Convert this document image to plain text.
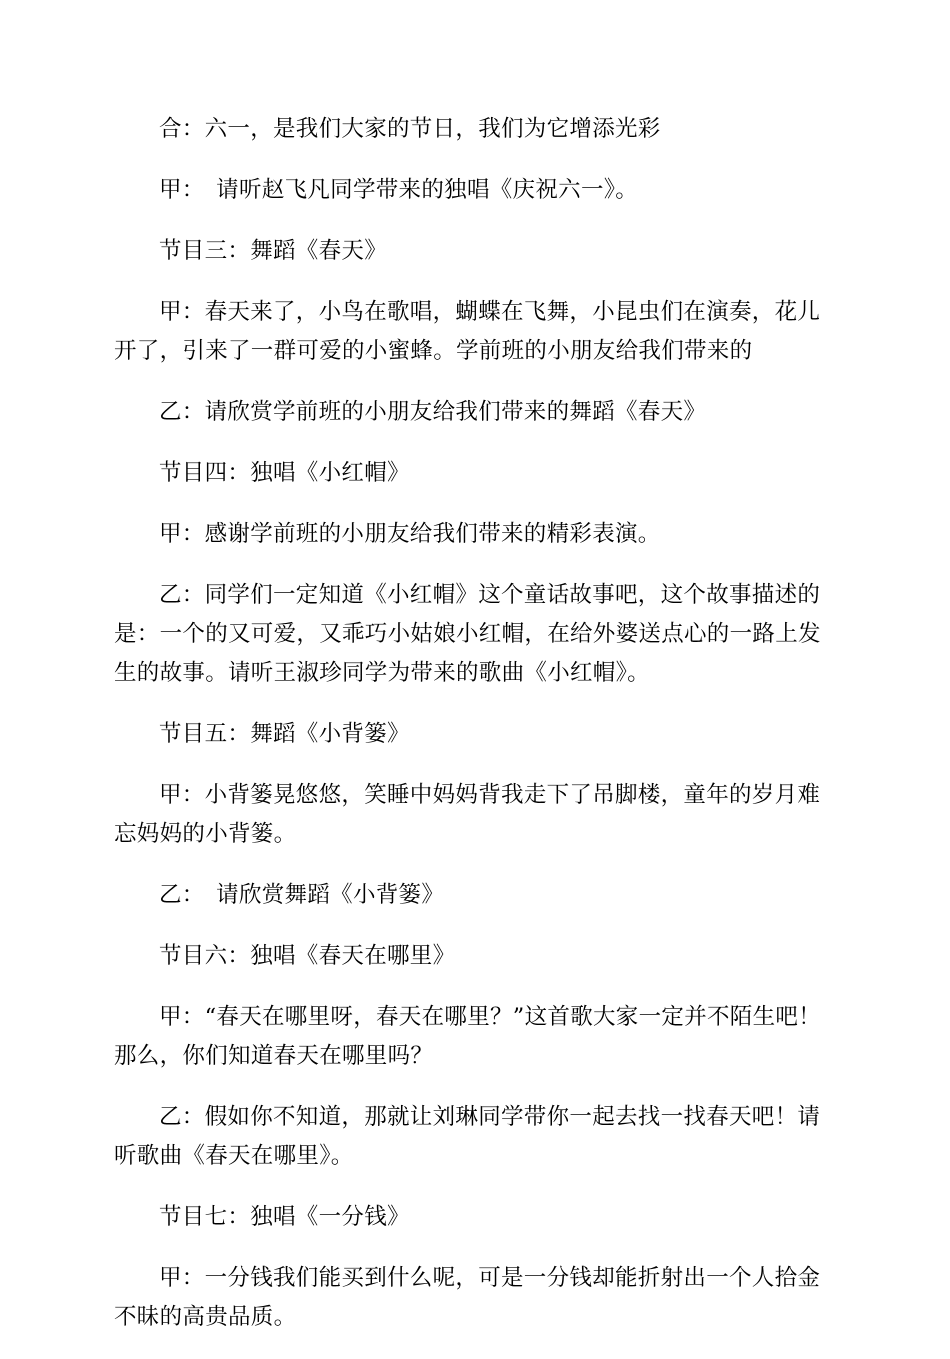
合：六一，是我们大家的节日，我们为它增添光彩

甲：　请听赵飞凡同学带来的独唱《庆祝六一》。

节目三：舞蹈《春天》

甲：春天来了，小鸟在歌唱，蝴蝶在飞舞，小昆虫们在演奏，花儿开了，引来了一群可爱的小蜜蜂。学前班的小朋友给我们带来的

乙：请欣赏学前班的小朋友给我们带来的舞蹈《春天》

节目四：独唱《小红帽》

甲：感谢学前班的小朋友给我们带来的精彩表演。

乙：同学们一定知道《小红帽》这个童话故事吧，这个故事描述的是：一个的又可爱，又乖巧小姑娘小红帽，在给外婆送点心的一路上发生的故事。请听王淑珍同学为带来的歌曲《小红帽》。

节目五：舞蹈《小背篓》

甲：小背篓晃悠悠，笑睡中妈妈背我走下了吊脚楼，童年的岁月难忘妈妈的小背篓。

乙：　请欣赏舞蹈《小背篓》

节目六：独唱《春天在哪里》

甲：“春天在哪里呀，春天在哪里？”这首歌大家一定并不陌生吧！那么，你们知道春天在哪里吗？

乙：假如你不知道，那就让刘琳同学带你一起去找一找春天吧！请听歌曲《春天在哪里》。

节目七：独唱《一分钱》

甲：一分钱我们能买到什么呢，可是一分钱却能折射出一个人拾金不昧的高贵品质。
